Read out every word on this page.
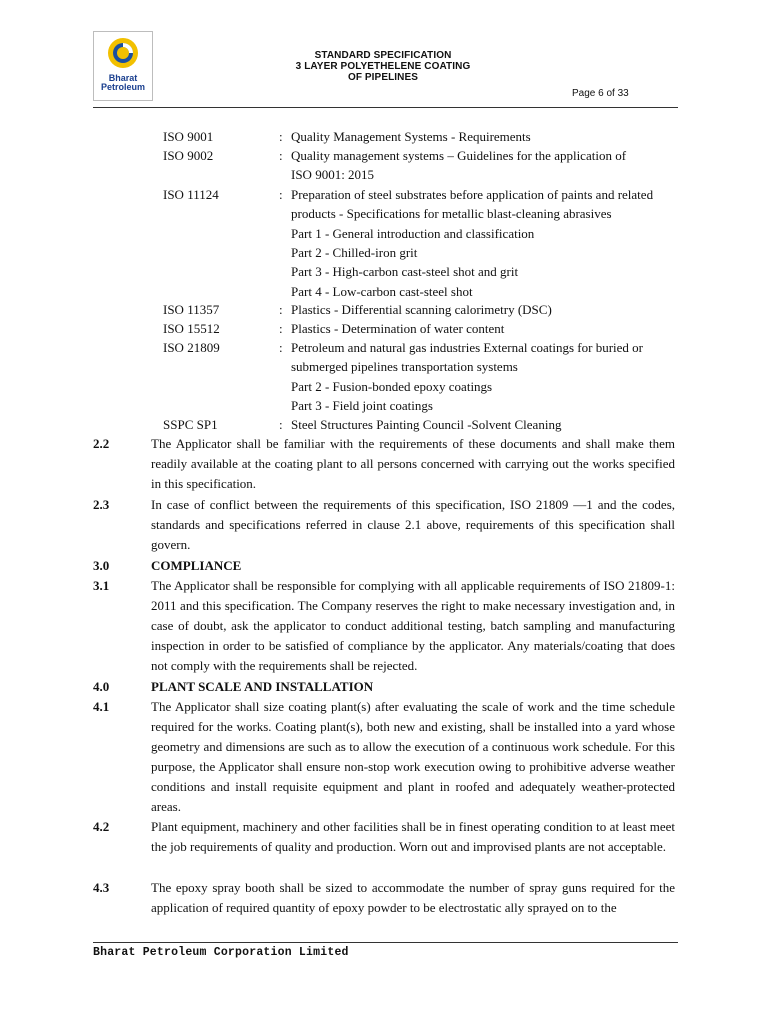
Bharat
Petroleum
STANDARD SPECIFICATION
3 LAYER POLYETHELENE COATING
OF PIPELINES
Page 6 of 33
ISO 9001	: Quality Management Systems - Requirements
ISO 9002	: Quality management systems – Guidelines for the application of
ISO 9001: 2015
ISO 11124	: Preparation of steel substrates before application of paints and related
products - Specifications for metallic blast-cleaning abrasives
Part 1 - General introduction and classification
Part 2 - Chilled-iron grit
Part 3 - High-carbon cast-steel shot and grit
Part 4 - Low-carbon cast-steel shot
ISO 11357	: Plastics - Differential scanning calorimetry (DSC)
ISO 15512	: Plastics - Determination of water content
ISO 21809	: Petroleum and natural gas industries External coatings for buried or
submerged pipelines transportation systems
Part 2 - Fusion-bonded epoxy coatings
Part 3 - Field joint coatings
SSPC SP1	: Steel Structures Painting Council -Solvent Cleaning
2.2	The Applicator shall be familiar with the requirements of these documents and shall make them readily available at the coating plant to all persons concerned with carrying out the works specified in this specification.
2.3	In case of conflict between the requirements of this specification, ISO 21809 —1 and the codes, standards and specifications referred in clause 2.1 above, requirements of this specification shall govern.
3.0	COMPLIANCE
3.1	The Applicator shall be responsible for complying with all applicable requirements of ISO 21809-1: 2011 and this specification. The Company reserves the right to make necessary investigation and, in case of doubt, ask the applicator to conduct additional testing, batch sampling and manufacturing inspection in order to be satisfied of compliance by the applicator. Any materials/coating that does not comply with the requirements shall be rejected.
4.0	PLANT SCALE AND INSTALLATION
4.1	The Applicator shall size coating plant(s) after evaluating the scale of work and the time schedule required for the works. Coating plant(s), both new and existing, shall be installed into a yard whose geometry and dimensions are such as to allow the execution of a continuous work schedule. For this purpose, the Applicator shall ensure non-stop work execution owing to prohibitive adverse weather conditions and install requisite equipment and plant in roofed and adequately weather-protected areas.
4.2	Plant equipment, machinery and other facilities shall be in finest operating condition to at least meet the job requirements of quality and production. Worn out and improvised plants are not acceptable.
4.3	The epoxy spray booth shall be sized to accommodate the number of spray guns required for the application of required quantity of epoxy powder to be electrostatic ally sprayed on to the
Bharat Petroleum Corporation Limited
